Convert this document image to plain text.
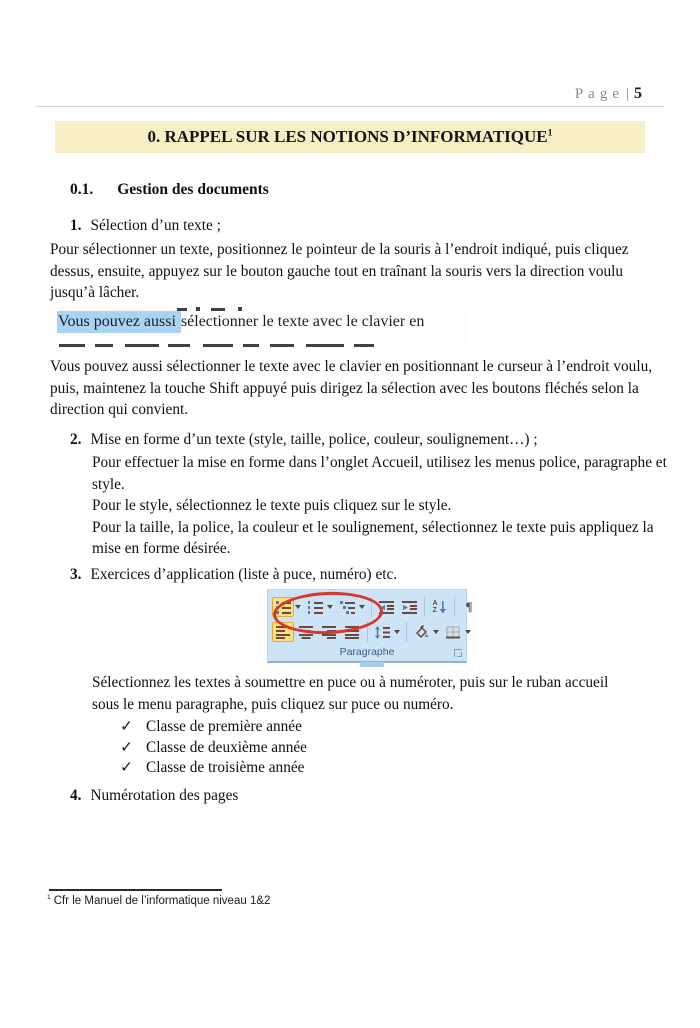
Page | 5
0. RAPPEL SUR LES NOTIONS D’INFORMATIQUE$^1$
0.1. Gestion des documents
1. Sélection d’un texte ;
Pour sélectionner un texte, positionnez le pointeur de la souris à l’endroit indiqué, puis cliquez dessus, ensuite, appuyez sur le bouton gauche tout en traînant la souris vers la direction voulu jusqu’à lâcher.
Vous pouvez aussi sélectionner le texte avec le clavier en
Vous pouvez aussi sélectionner le texte avec le clavier en positionnant le curseur à l’endroit voulu, puis, maintenez la touche Shift appuyé puis dirigez la sélection avec les boutons fléchés selon la direction qui convient.
2. Mise en forme d’un texte (style, taille, police, couleur, soulignement…) ;
Pour effectuer la mise en forme dans l’onglet Accueil, utilisez les menus police, paragraphe et style.
Pour le style, sélectionnez le texte puis cliquez sur le style.
Pour la taille, la police, la couleur et le soulignement, sélectionnez le texte puis appliquez la mise en forme désirée.
3. Exercices d’application (liste à puce, numéro) etc.
A
Z ¶
Paragraphe
Sélectionnez les textes à soumettre en puce ou à numéroter, puis sur le ruban accueil sous le menu paragraphe, puis cliquez sur puce ou numéro.
✓ Classe de première année
✓ Classe de deuxième année
✓ Classe de troisième année
4. Numérotation des pages
$^1$ Cfr le Manuel de l’informatique niveau 1&2
